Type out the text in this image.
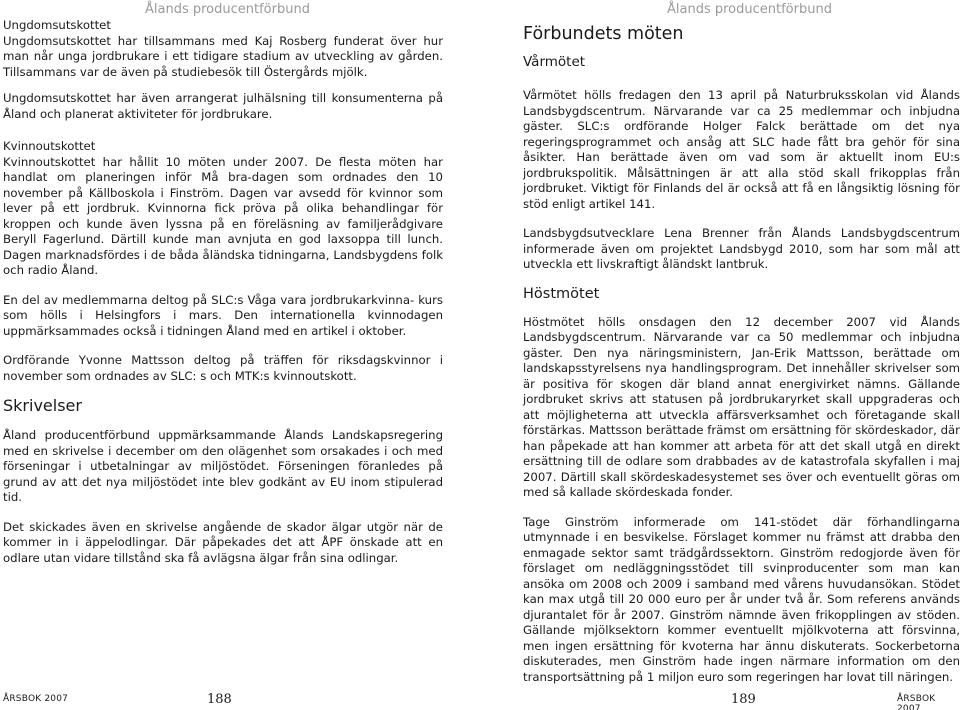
Ålands producentförbund
Ungdomsutskottet

Ungdomsutskottet har tillsammans med Kaj Rosberg funderat över hur man når unga jordbrukare i ett tidigare stadium av utveckling av gården. Tillsammans var de även på studiebesök till Östergårds mjölk.

Ungdomsutskottet har även arrangerat julhälsning till konsumenterna på Åland och planerat aktiviteter för jordbrukare.

Kvinnoutskottet

Kvinnoutskottet har hållit 10 möten under 2007. De flesta möten har handlat om planeringen inför Må bra-dagen som ordnades den 10 november på Källboskola i Finström. Dagen var avsedd för kvinnor som lever på ett jordbruk. Kvinnorna fick pröva på olika behandlingar för kroppen och kunde även lyssna på en föreläsning av familjerådgivare Beryll Fagerlund. Därtill kunde man avnjuta en god laxsoppa till lunch. Dagen marknadsfördes i de båda åländska tidningarna, Landsbygdens folk och radio Åland.

En del av medlemmarna deltog på SLC:s Våga vara jordbrukarkvinna- kurs som hölls i Helsingfors i mars. Den internationella kvinnodagen uppmärksammades också i tidningen Åland med en artikel i oktober.

Ordförande Yvonne Mattsson deltog på träffen för riksdagskvinnor i november som ordnades av SLC: s och MTK:s kvinnoutskott.

Skrivelser

Åland producentförbund uppmärksammande Ålands Landskapsregering med en skrivelse i december om den olägenhet som orsakades i och med förseningar i utbetalningar av miljöstödet. Förseningen föranledes på grund av att det nya miljöstödet inte blev godkänt av EU inom stipulerad tid.

Det skickades även en skrivelse angående de skador älgar utgör när de kommer in i äppelodlingar. Där påpekades det att ÅPF önskade att en odlare utan vidare tillstånd ska få avlägsna älgar från sina odlingar.

ÅRSBOK 2007	188
Ålands producentförbund
Förbundets möten
Vårmötet

Vårmötet hölls fredagen den 13 april på Naturbruksskolan vid Ålands Landsbygdscentrum. Närvarande var ca 25 medlemmar och inbjudna gäster. SLC:s ordförande Holger Falck berättade om det nya regeringsprogrammet och ansåg att SLC hade fått bra gehör för sina åsikter. Han berättade även om vad som är aktuellt inom EU:s jordbrukspolitik. Målsättningen är att alla stöd skall frikopplas från jordbruket. Viktigt för Finlands del är också att få en långsiktig lösning för stöd enligt artikel 141.

Landsbygdsutvecklare Lena Brenner från Ålands Landsbygdscentrum informerade även om projektet Landsbygd 2010, som har som mål att utveckla ett livskraftigt åländskt lantbruk.

Höstmötet

Höstmötet hölls onsdagen den 12 december 2007 vid Ålands Landsbygdscentrum. Närvarande var ca 50 medlemmar och inbjudna gäster. Den nya näringsministern, Jan-Erik Mattsson, berättade om landskapsstyrelsens nya handlingsprogram. Det innehåller skrivelser som är positiva för skogen där bland annat energivirket nämns. Gällande jordbruket skrivs att statusen på jordbrukaryrket skall uppgraderas och att möjligheterna att utveckla affärsverksamhet och företagande skall förstärkas. Mattsson berättade främst om ersättning för skördeskador, där han påpekade att han kommer att arbeta för att det skall utgå en direkt ersättning till de odlare som drabbades av de katastrofala skyfallen i maj 2007. Därtill skall skördeskadesystemet ses över och eventuellt göras om med så kallade skördeskada fonder.

Tage Ginström informerade om 141-stödet där förhandlingarna utmynnade i en besvikelse. Förslaget kommer nu främst att drabba den enmagade sektor samt trädgårdssektorn. Ginström redogjorde även för förslaget om nedläggningsstödet till svinproducenter som man kan ansöka om 2008 och 2009 i samband med vårens huvudansökan. Stödet kan max utgå till 20 000 euro per år under två år. Som referens används djurantalet för år 2007. Ginström nämnde även frikopplingen av stöden. Gällande mjölksektorn kommer eventuellt mjölkvoterna att försvinna, men ingen ersättning för kvoterna har ännu diskuterats. Sockerbetorna diskuterades, men Ginström hade ingen närmare information om den transportsättning på 1 miljon euro som regeringen har lovat till näringen.

189	ÅRSBOK 2007
